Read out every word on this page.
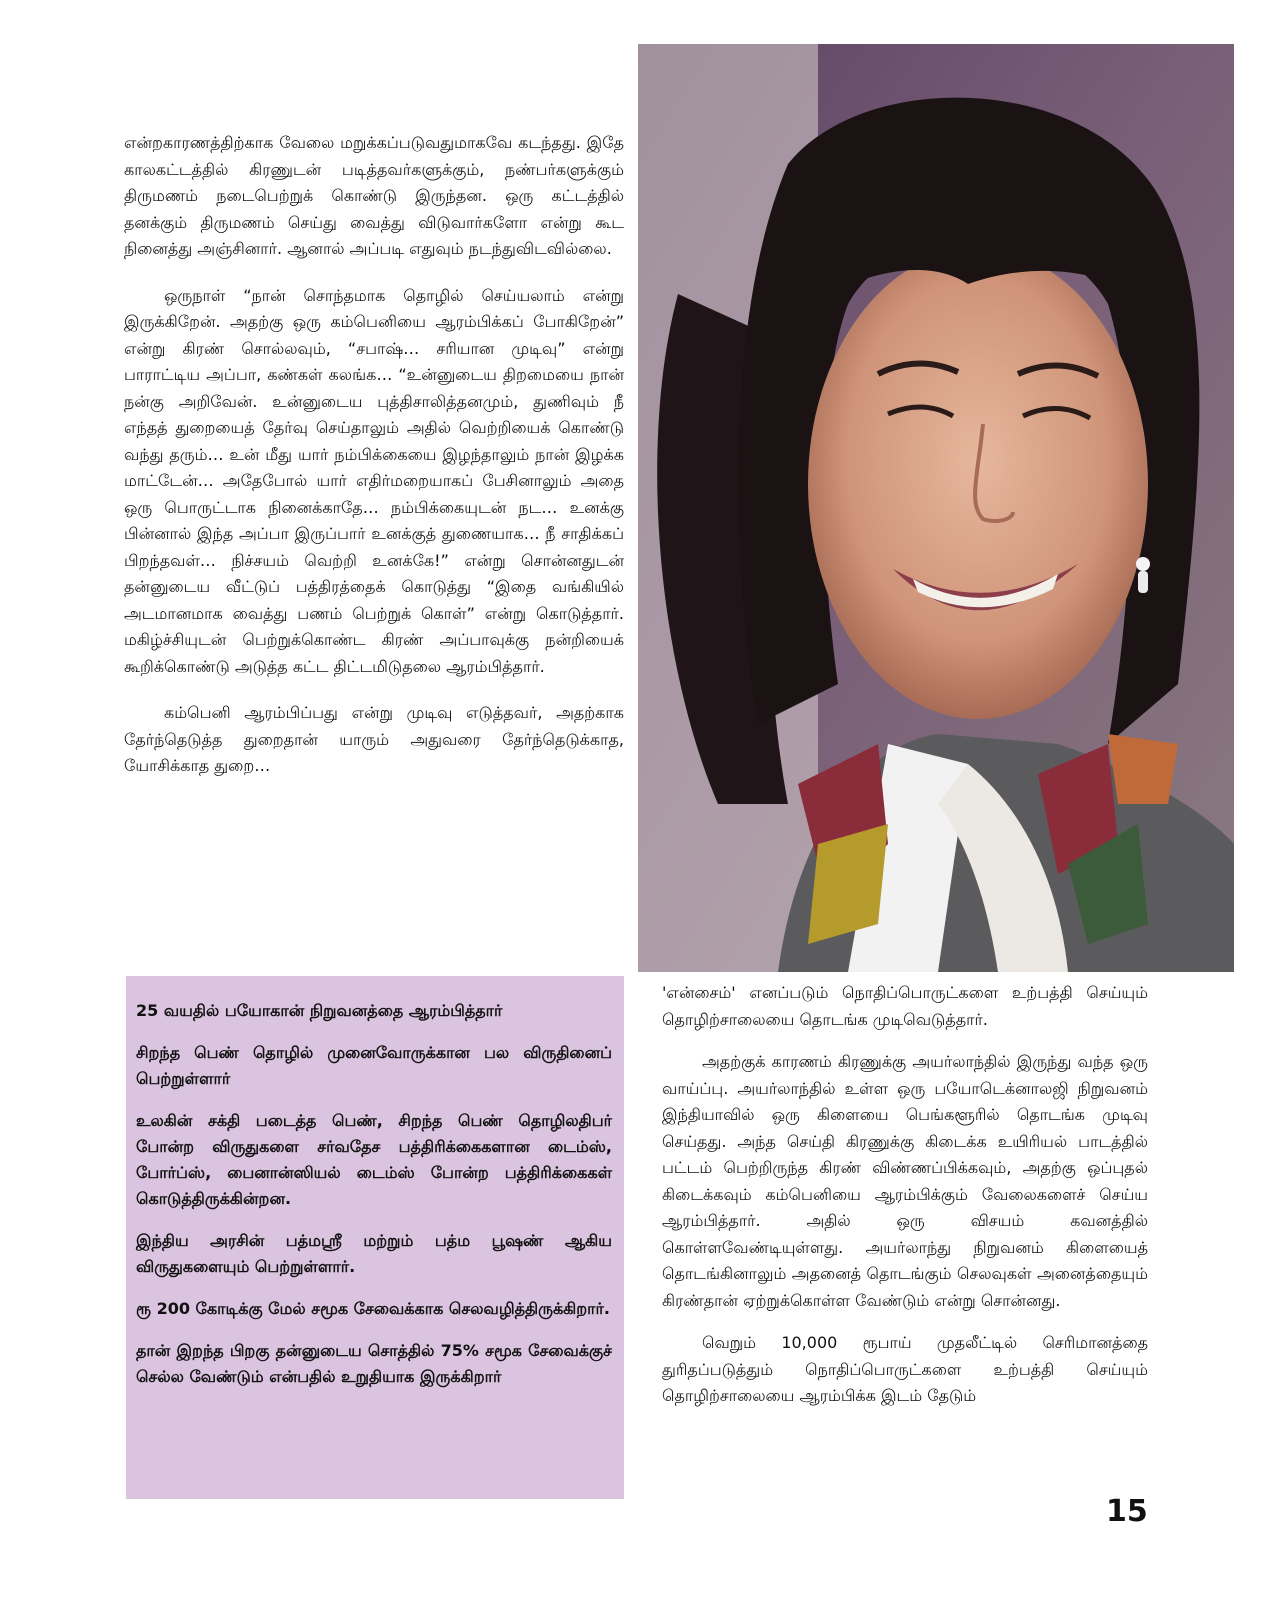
என்றகாரணத்திற்காக வேலை மறுக்கப்படுவதுமாகவே கடந்தது. இதே காலகட்டத்தில் கிரணுடன் படித்தவர்களுக்கும், நண்பர்களுக்கும் திருமணம் நடைபெற்றுக் கொண்டு இருந்தன. ஒரு கட்டத்தில் தனக்கும் திருமணம் செய்து வைத்து விடுவார்களோ என்று கூட நினைத்து அஞ்சினார். ஆனால் அப்படி எதுவும் நடந்துவிடவில்லை.

ஒருநாள் “நான் சொந்தமாக தொழில் செய்யலாம் என்று இருக்கிறேன். அதற்கு ஒரு கம்பெனியை ஆரம்பிக்கப் போகிறேன்” என்று கிரண் சொல்லவும், “சபாஷ்… சரியான முடிவு” என்று பாராட்டிய அப்பா, கண்கள் கலங்க… “உன்னுடைய திறமையை நான் நன்கு அறிவேன். உன்னுடைய புத்திசாலித்தனமும், துணிவும் நீ எந்தத் துறையைத் தேர்வு செய்தாலும் அதில் வெற்றியைக் கொண்டு வந்து தரும்… உன் மீது யார் நம்பிக்கையை இழந்தாலும் நான் இழக்க மாட்டேன்… அதேபோல் யார் எதிர்மறையாகப் பேசினாலும் அதை ஒரு பொருட்டாக நினைக்காதே… நம்பிக்கையுடன் நட… உனக்கு பின்னால் இந்த அப்பா இருப்பார் உனக்குத் துணையாக… நீ சாதிக்கப் பிறந்தவள்… நிச்சயம் வெற்றி உனக்கே!” என்று சொன்னதுடன் தன்னுடைய வீட்டுப் பத்திரத்தைக் கொடுத்து “இதை வங்கியில் அடமானமாக வைத்து பணம் பெற்றுக் கொள்” என்று கொடுத்தார். மகிழ்ச்சியுடன் பெற்றுக்கொண்ட கிரண் அப்பாவுக்கு நன்றியைக் கூறிக்கொண்டு அடுத்த கட்ட திட்டமிடுதலை ஆரம்பித்தார்.

கம்பெனி ஆரம்பிப்பது என்று முடிவு எடுத்தவர், அதற்காக தேர்ந்தெடுத்த துறைதான் யாரும் அதுவரை தேர்ந்தெடுக்காத, யோசிக்காத துறை…

25 வயதில் பயோகான் நிறுவனத்தை ஆரம்பித்தார்

சிறந்த பெண் தொழில் முனைவோருக்கான பல விருதினைப் பெற்றுள்ளார்

உலகின் சக்தி படைத்த பெண், சிறந்த பெண் தொழிலதிபர் போன்ற விருதுகளை சர்வதேச பத்திரிக்கைகளான டைம்ஸ், போர்ப்ஸ், பைனான்ஸியல் டைம்ஸ் போன்ற பத்திரிக்கைகள் கொடுத்திருக்கின்றன.

இந்திய அரசின் பத்மஸ்ரீ மற்றும் பத்ம பூஷண் ஆகிய விருதுகளையும் பெற்றுள்ளார்.

ரூ 200 கோடிக்கு மேல் சமூக சேவைக்காக செலவழித்திருக்கிறார்.

தான் இறந்த பிறகு தன்னுடைய சொத்தில் 75% சமூக சேவைக்குச் செல்ல வேண்டும் என்பதில் உறுதியாக இருக்கிறார்

'என்சைம்' எனப்படும் நொதிப்பொருட்களை உற்பத்தி செய்யும் தொழிற்சாலையை தொடங்க முடிவெடுத்தார்.

அதற்குக் காரணம் கிரணுக்கு அயர்லாந்தில் இருந்து வந்த ஒரு வாய்ப்பு. அயர்லாந்தில் உள்ள ஒரு பயோடெக்னாலஜி நிறுவனம் இந்தியாவில் ஒரு கிளையை பெங்களூரில் தொடங்க முடிவு செய்தது. அந்த செய்தி கிரணுக்கு கிடைக்க உயிரியல் பாடத்தில் பட்டம் பெற்றிருந்த கிரண் விண்ணப்பிக்கவும், அதற்கு ஒப்புதல் கிடைக்கவும் கம்பெனியை ஆரம்பிக்கும் வேலைகளைச் செய்ய ஆரம்பித்தார். அதில் ஒரு விசயம் கவனத்தில் கொள்ளவேண்டியுள்ளது. அயர்லாந்து நிறுவனம் கிளையைத் தொடங்கினாலும் அதனைத் தொடங்கும் செலவுகள் அனைத்தையும் கிரண்தான் ஏற்றுக்கொள்ள வேண்டும் என்று சொன்னது.

வெறும் 10,000 ரூபாய் முதலீட்டில் செரிமானத்தை துரிதப்படுத்தும் நொதிப்பொருட்களை உற்பத்தி செய்யும் தொழிற்சாலையை ஆரம்பிக்க இடம் தேடும்

15
